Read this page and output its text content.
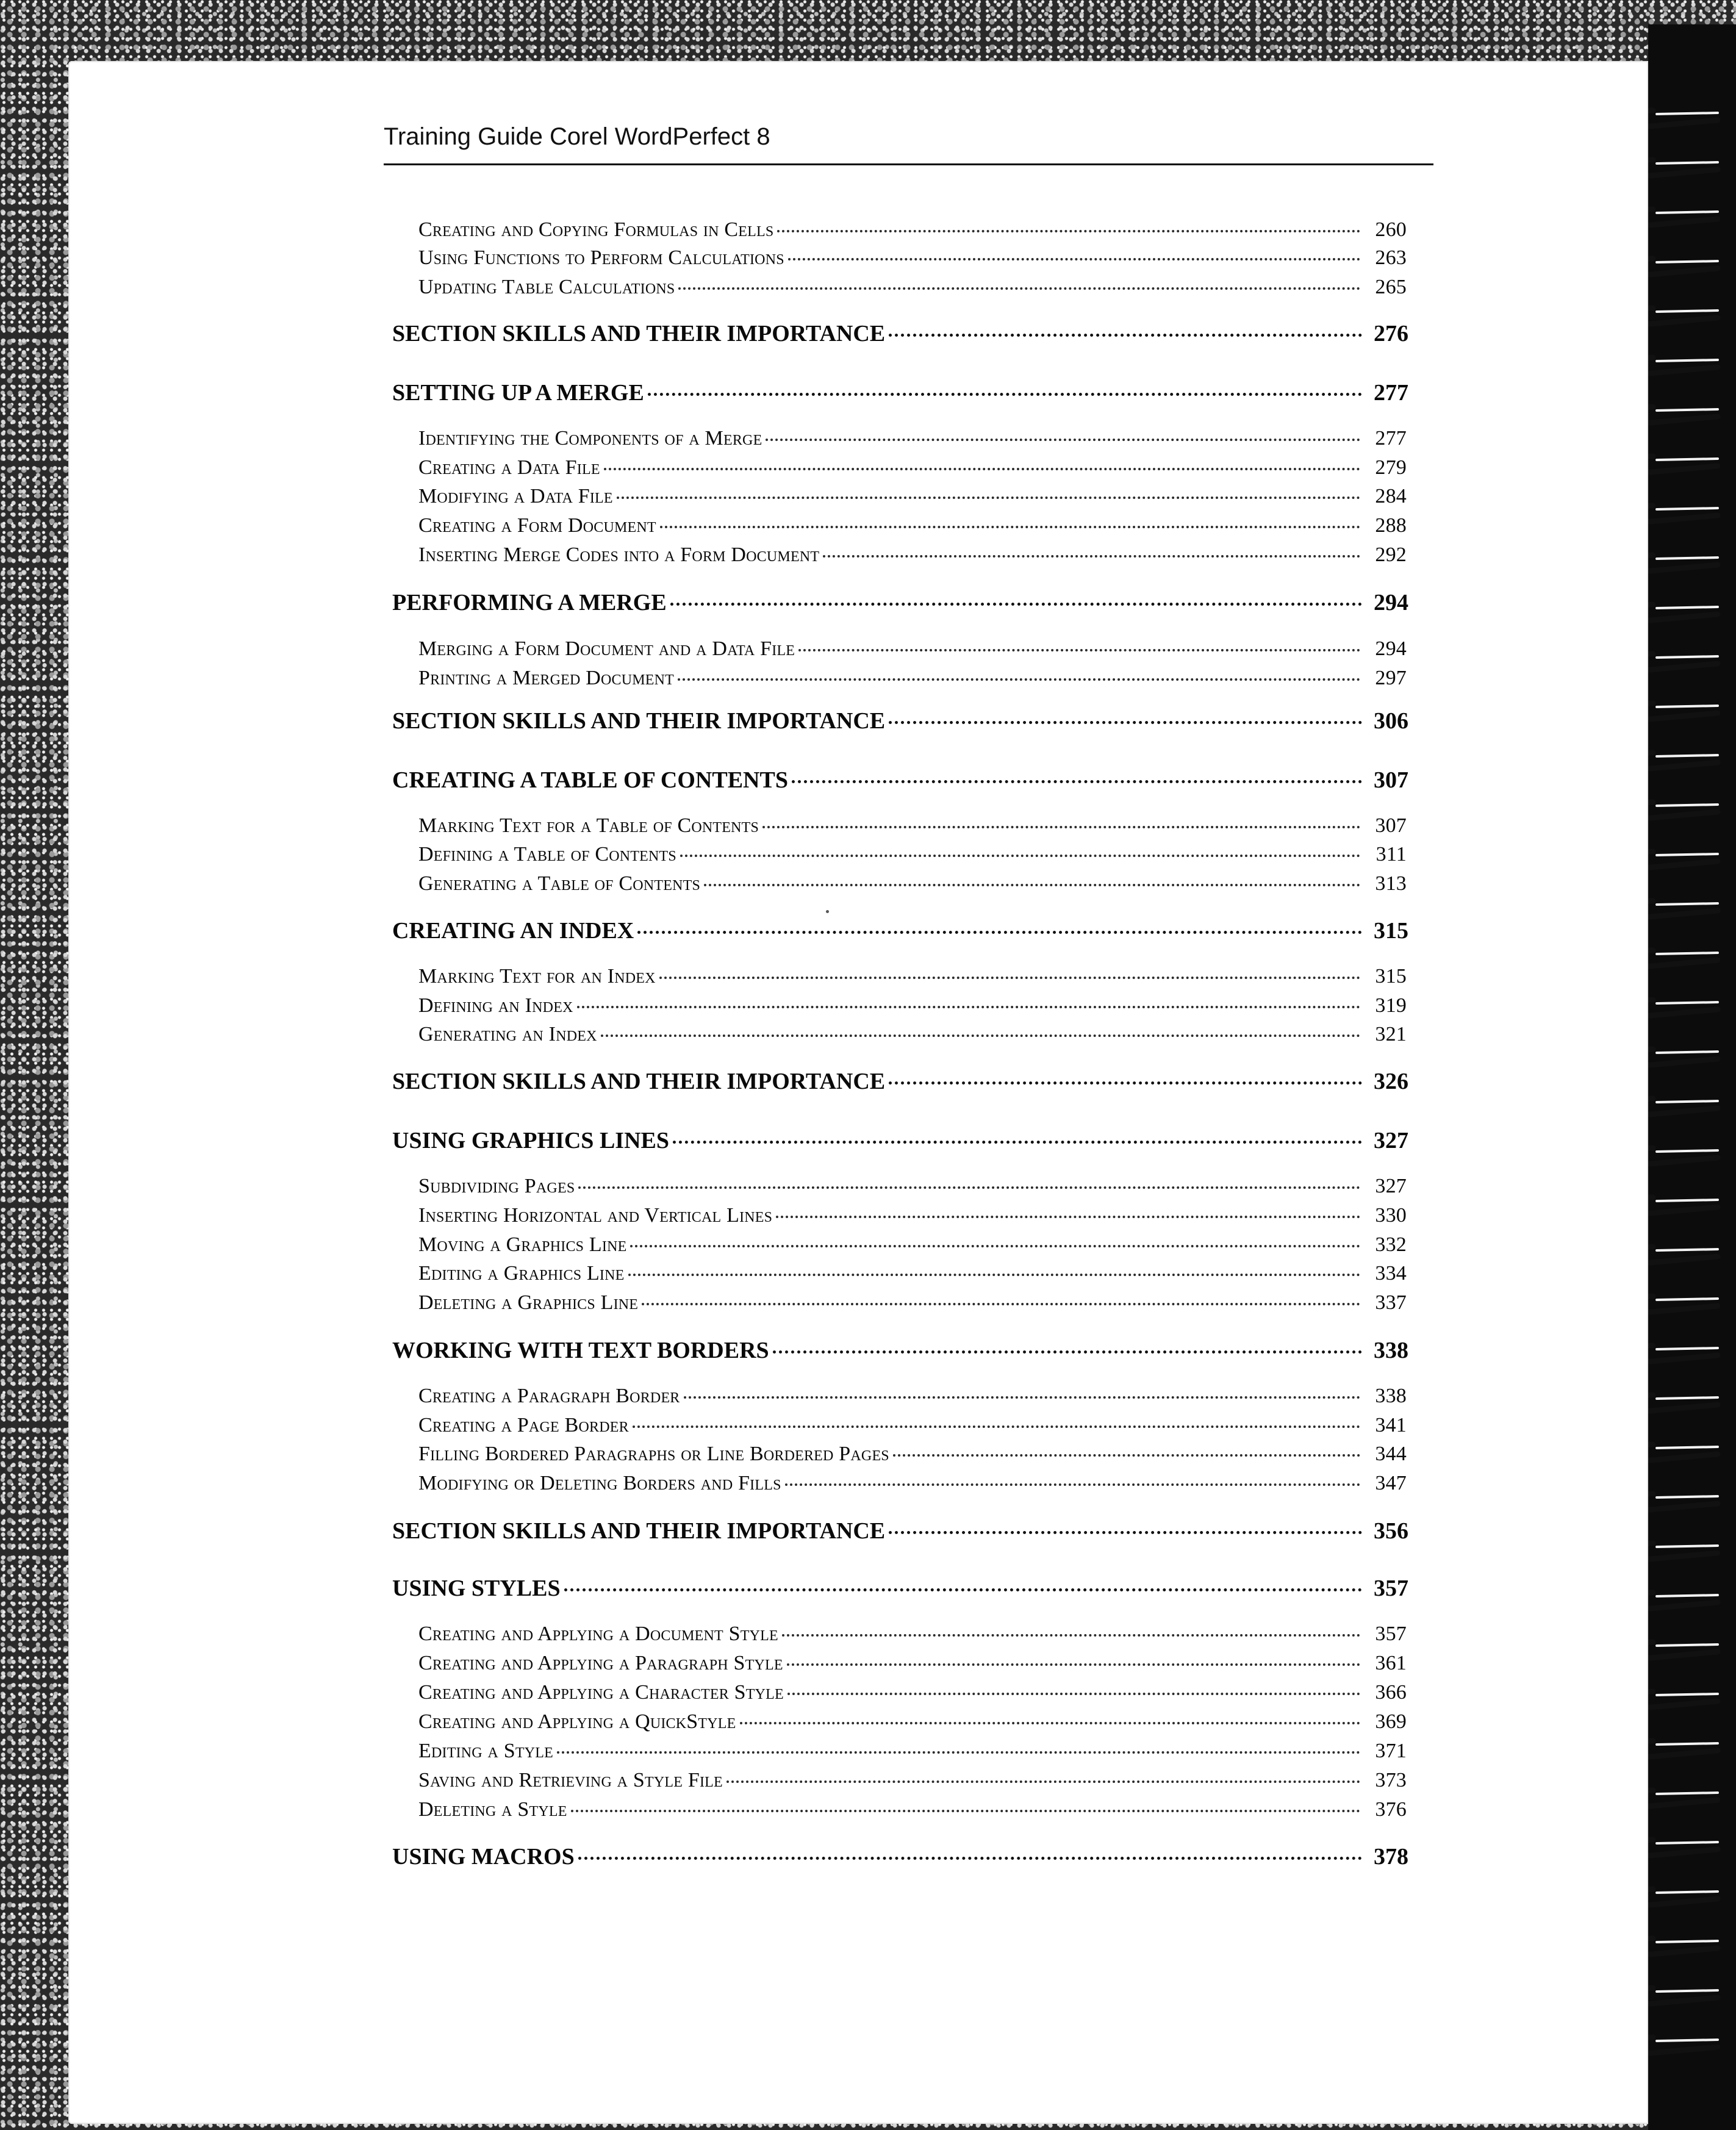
Training Guide Corel WordPerfect 8
Creating and Copying Formulas in Cells	260
Using Functions to Perform Calculations	263
Updating Table Calculations	265
SECTION SKILLS AND THEIR IMPORTANCE	276
SETTING UP A MERGE	277
Identifying the Components of a Merge	277
Creating a Data File	279
Modifying a Data File	284
Creating a Form Document	288
Inserting Merge Codes into a Form Document	292
PERFORMING A MERGE	294
Merging a Form Document and a Data File	294
Printing a Merged Document	297
SECTION SKILLS AND THEIR IMPORTANCE	306
CREATING A TABLE OF CONTENTS	307
Marking Text for a Table of Contents	307
Defining a Table of Contents	311
Generating a Table of Contents	313
CREATING AN INDEX	315
Marking Text for an Index	315
Defining an Index	319
Generating an Index	321
SECTION SKILLS AND THEIR IMPORTANCE	326
USING GRAPHICS LINES	327
Subdividing Pages	327
Inserting Horizontal and Vertical Lines	330
Moving a Graphics Line	332
Editing a Graphics Line	334
Deleting a Graphics Line	337
WORKING WITH TEXT BORDERS	338
Creating a Paragraph Border	338
Creating a Page Border	341
Filling Bordered Paragraphs or Line Bordered Pages	344
Modifying or Deleting Borders and Fills	347
SECTION SKILLS AND THEIR IMPORTANCE	356
USING STYLES	357
Creating and Applying a Document Style	357
Creating and Applying a Paragraph Style	361
Creating and Applying a Character Style	366
Creating and Applying a QuickStyle	369
Editing a Style	371
Saving and Retrieving a Style File	373
Deleting a Style	376
USING MACROS	378
